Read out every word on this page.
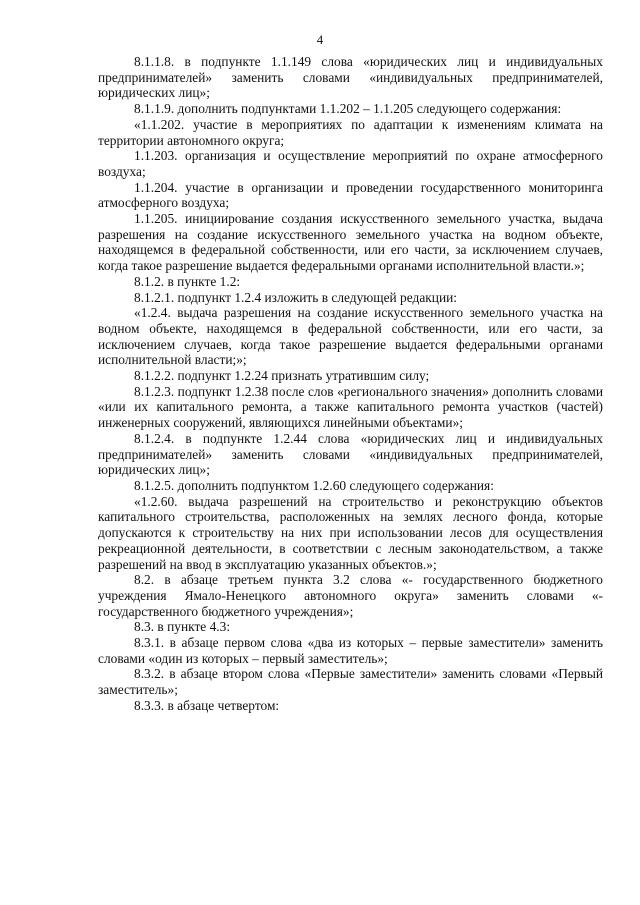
4

8.1.1.8. в подпункте 1.1.149 слова «юридических лиц и индивидуальных предпринимателей» заменить словами «индивидуальных предпринимателей, юридических лиц»;

8.1.1.9. дополнить подпунктами 1.1.202 – 1.1.205 следующего содержания:

«1.1.202. участие в мероприятиях по адаптации к изменениям климата на территории автономного округа;

1.1.203. организация и осуществление мероприятий по охране атмосферного воздуха;

1.1.204. участие в организации и проведении государственного мониторинга атмосферного воздуха;

1.1.205. инициирование создания искусственного земельного участка, выдача разрешения на создание искусственного земельного участка на водном объекте, находящемся в федеральной собственности, или его части, за исключением случаев, когда такое разрешение выдается федеральными органами исполнительной власти.»;

8.1.2. в пункте 1.2:

8.1.2.1. подпункт 1.2.4 изложить в следующей редакции:

«1.2.4. выдача разрешения на создание искусственного земельного участка на водном объекте, находящемся в федеральной собственности, или его части, за исключением случаев, когда такое разрешение выдается федеральными органами исполнительной власти;»;

8.1.2.2. подпункт 1.2.24 признать утратившим силу;

8.1.2.3. подпункт 1.2.38 после слов «регионального значения» дополнить словами «или их капитального ремонта, а также капитального ремонта участков (частей) инженерных сооружений, являющихся линейными объектами»;

8.1.2.4. в подпункте 1.2.44 слова «юридических лиц и индивидуальных предпринимателей» заменить словами «индивидуальных предпринимателей, юридических лиц»;

8.1.2.5. дополнить подпунктом 1.2.60 следующего содержания:

«1.2.60. выдача разрешений на строительство и реконструкцию объектов капитального строительства, расположенных на землях лесного фонда, которые допускаются к строительству на них при использовании лесов для осуществления рекреационной деятельности, в соответствии с лесным законодательством, а также разрешений на ввод в эксплуатацию указанных объектов.»;

8.2. в абзаце третьем пункта 3.2 слова «- государственного бюджетного учреждения Ямало-Ненецкого автономного округа» заменить словами «- государственного бюджетного учреждения»;

8.3. в пункте 4.3:

8.3.1. в абзаце первом слова «два из которых – первые заместители» заменить словами «один из которых – первый заместитель»;

8.3.2. в абзаце втором слова «Первые заместители» заменить словами «Первый заместитель»;

8.3.3. в абзаце четвертом:
